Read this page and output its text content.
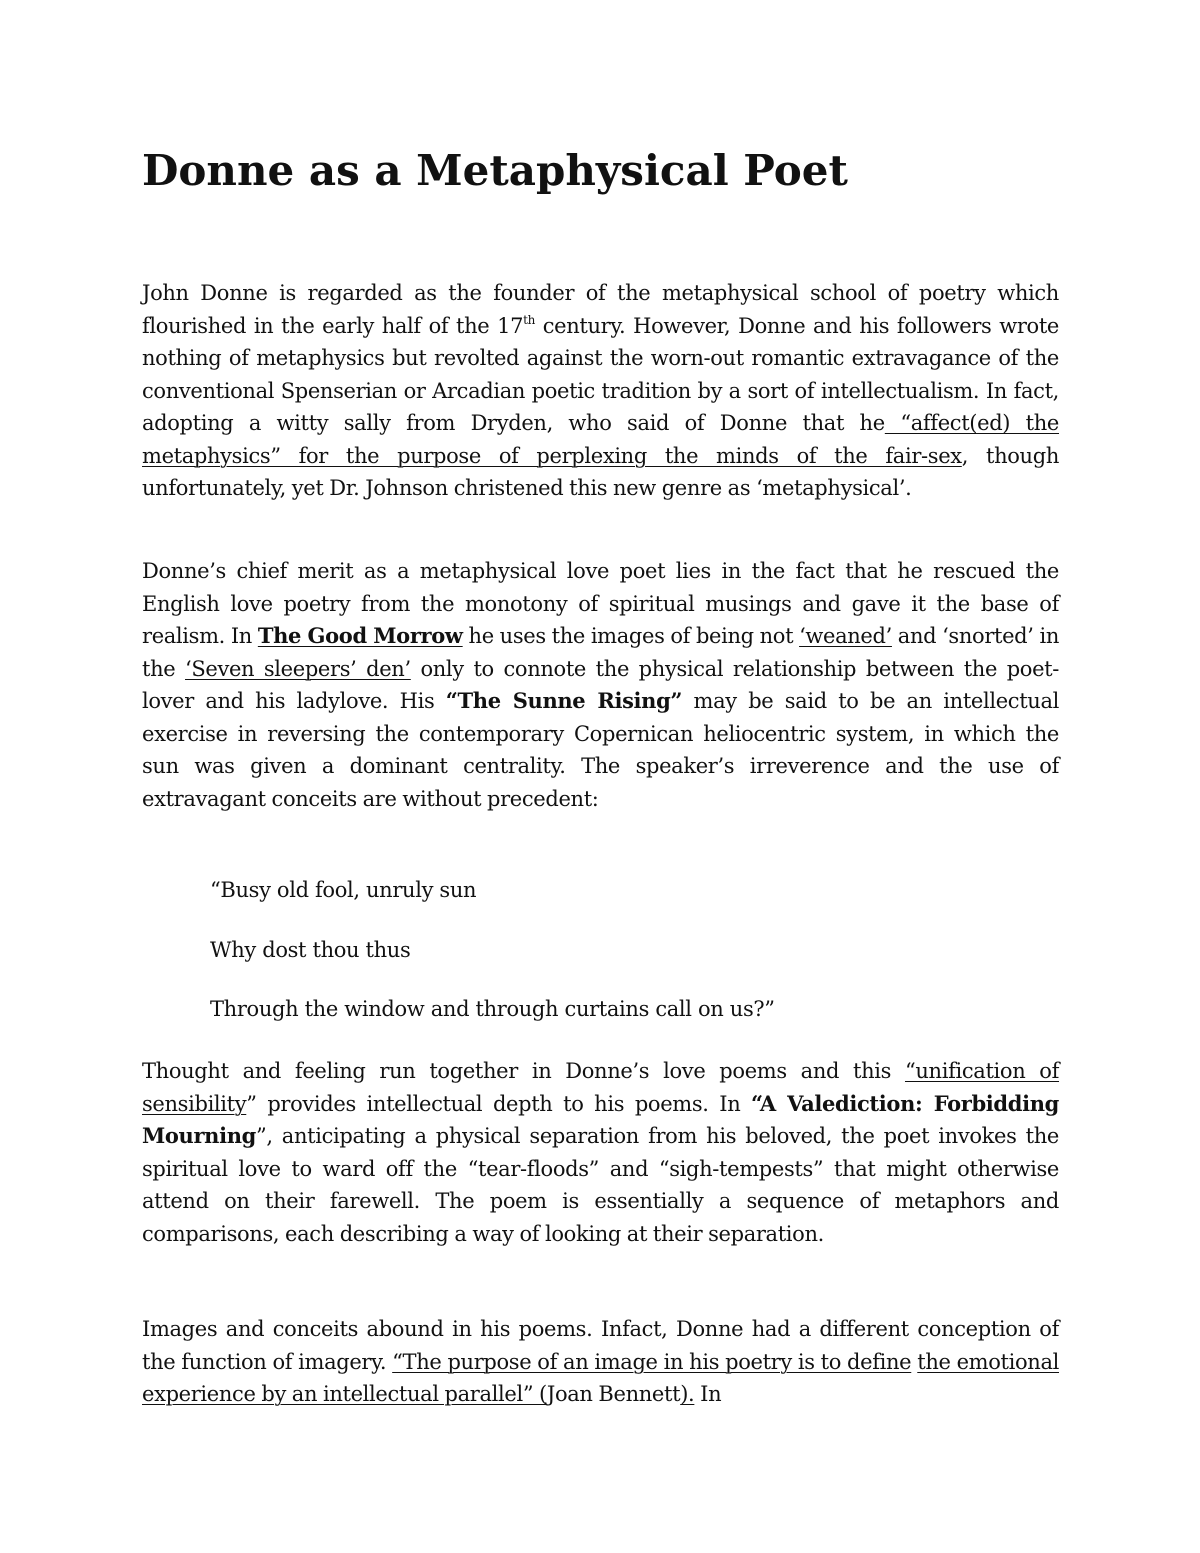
Donne as a Metaphysical Poet

John Donne is regarded as the founder of the metaphysical school of poetry which flourished in the early half of the 17th century. However, Donne and his followers wrote nothing of metaphysics but revolted against the worn-out romantic extravagance of the conventional Spenserian or Arcadian poetic tradition by a sort of intellectualism. In fact, adopting a witty sally from Dryden, who said of Donne that he “affect(ed) the metaphysics” for the purpose of perplexing the minds of the fair-sex, though unfortunately, yet Dr. Johnson christened this new genre as ‘metaphysical’.

Donne’s chief merit as a metaphysical love poet lies in the fact that he rescued the English love poetry from the monotony of spiritual musings and gave it the base of realism. In The Good Morrow he uses the images of being not ‘weaned’ and ‘snorted’ in the ‘Seven sleepers’ den’ only to connote the physical relationship between the poet-lover and his ladylove. His “The Sunne Rising” may be said to be an intellectual exercise in reversing the contemporary Copernican heliocentric system, in which the sun was given a dominant centrality. The speaker’s irreverence and the use of extravagant conceits are without precedent:

“Busy old fool, unruly sun

Why dost thou thus

Through the window and through curtains call on us?”

Thought and feeling run together in Donne’s love poems and this “unification of sensibility” provides intellectual depth to his poems. In “A Valediction: Forbidding Mourning”, anticipating a physical separation from his beloved, the poet invokes the spiritual love to ward off the “tear-floods” and “sigh-tempests” that might otherwise attend on their farewell. The poem is essentially a sequence of metaphors and comparisons, each describing a way of looking at their separation.

Images and conceits abound in his poems. Infact, Donne had a different conception of the function of imagery. “The purpose of an image in his poetry is to define the emotional experience by an intellectual parallel” (Joan Bennett). In
